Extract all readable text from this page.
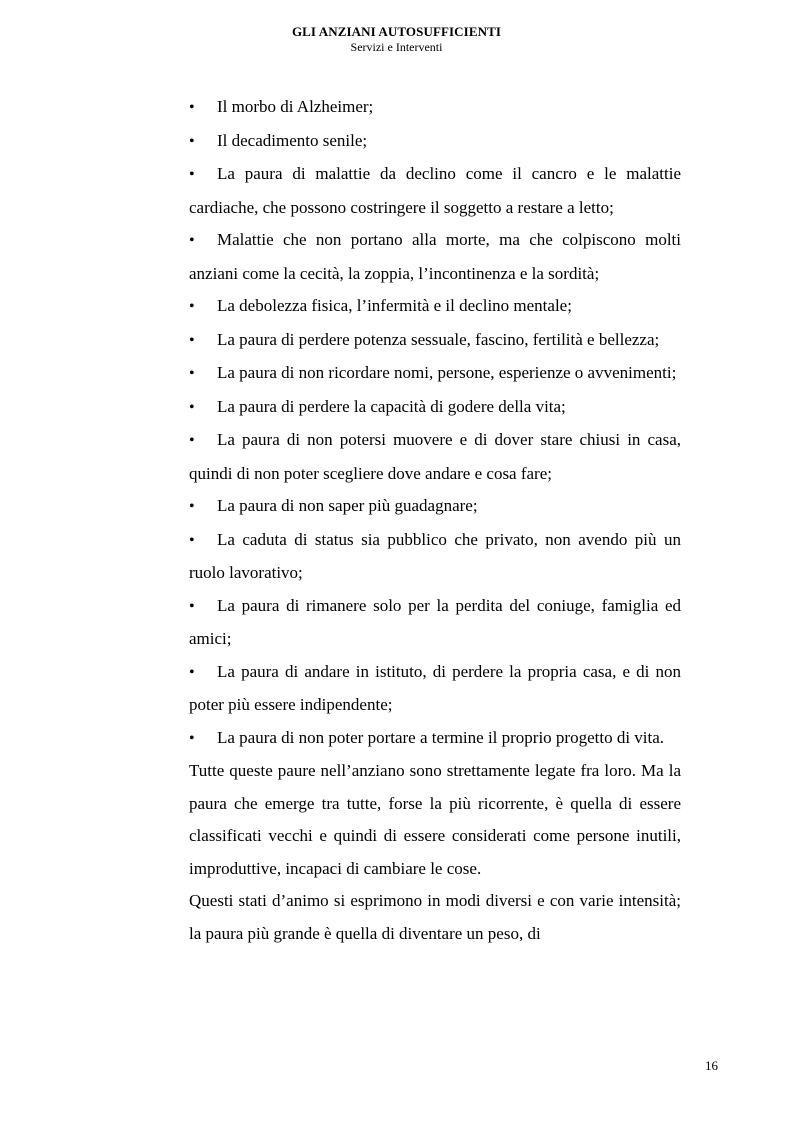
GLI ANZIANI AUTOSUFFICIENTI
Servizi e Interventi
• Il morbo di Alzheimer;
• Il decadimento senile;
• La paura di malattie da declino come il cancro e le malattie cardiache, che possono costringere il soggetto a restare a letto;
• Malattie che non portano alla morte, ma che colpiscono molti anziani come la cecità, la zoppia, l’incontinenza e la sordità;
• La debolezza fisica, l’infermità e il declino mentale;
• La paura di perdere potenza sessuale, fascino, fertilità e bellezza;
• La paura di non ricordare nomi, persone, esperienze o avvenimenti;
• La paura di perdere la capacità di godere della vita;
• La paura di non potersi muovere e di dover stare chiusi in casa, quindi di non poter scegliere dove andare e cosa fare;
• La paura di non saper più guadagnare;
• La caduta di status sia pubblico che privato, non avendo più un ruolo lavorativo;
• La paura di rimanere solo per la perdita del coniuge, famiglia ed amici;
• La paura di andare in istituto, di perdere la propria casa, e di non poter più essere indipendente;
• La paura di non poter portare a termine il proprio progetto di vita.

Tutte queste paure nell’anziano sono strettamente legate fra loro. Ma la paura che emerge tra tutte, forse la più ricorrente, è quella di essere classificati vecchi e quindi di essere considerati come persone inutili, improduttive, incapaci di cambiare le cose.

Questi stati d’animo si esprimono in modi diversi e con varie intensità; la paura più grande è quella di diventare un peso, di

16
